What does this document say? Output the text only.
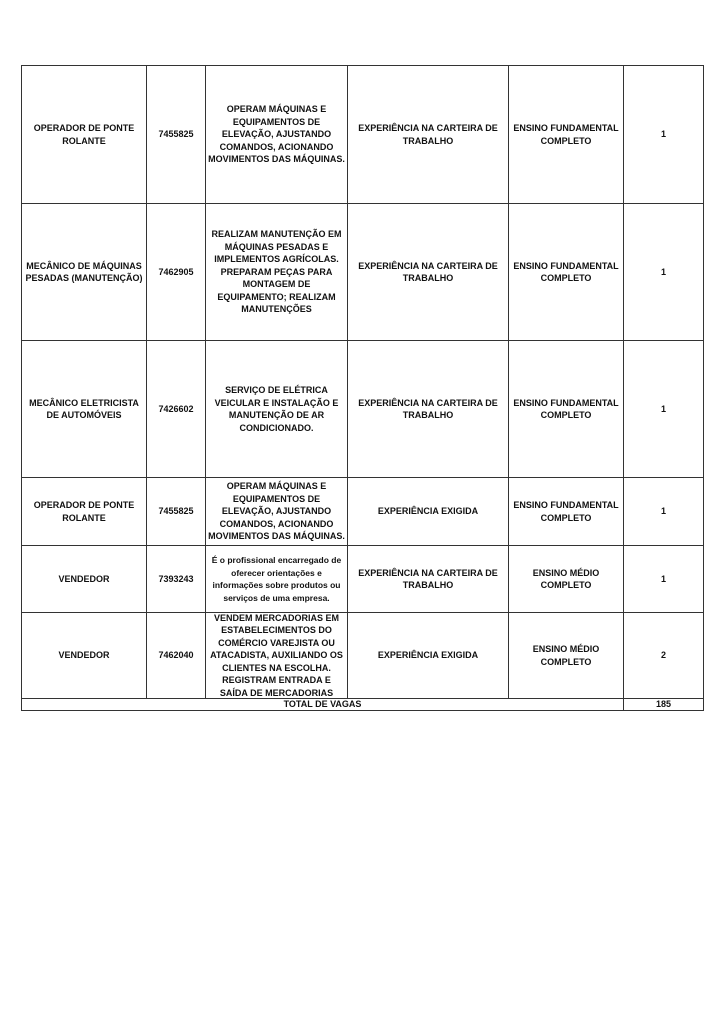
OPERADOR DE PONTE ROLANTE	7455825	OPERAM MÁQUINAS E EQUIPAMENTOS DE ELEVAÇÃO, AJUSTANDO COMANDOS, ACIONANDO MOVIMENTOS DAS MÁQUINAS.	EXPERIÊNCIA NA CARTEIRA DE TRABALHO	ENSINO FUNDAMENTAL COMPLETO	1
MECÂNICO DE MÁQUINAS PESADAS (MANUTENÇÃO)	7462905	REALIZAM MANUTENÇÃO EM MÁQUINAS PESADAS E IMPLEMENTOS AGRÍCOLAS. PREPARAM PEÇAS PARA MONTAGEM DE EQUIPAMENTO; REALIZAM MANUTENÇÕES	EXPERIÊNCIA NA CARTEIRA DE TRABALHO	ENSINO FUNDAMENTAL COMPLETO	1
MECÂNICO ELETRICISTA DE AUTOMÓVEIS	7426602	SERVIÇO DE ELÉTRICA VEICULAR E INSTALAÇÃO E MANUTENÇÃO DE AR CONDICIONADO.	EXPERIÊNCIA NA CARTEIRA DE TRABALHO	ENSINO FUNDAMENTAL COMPLETO	1
OPERADOR DE PONTE ROLANTE	7455825	OPERAM MÁQUINAS E EQUIPAMENTOS DE ELEVAÇÃO, AJUSTANDO COMANDOS, ACIONANDO MOVIMENTOS DAS MÁQUINAS.	EXPERIÊNCIA EXIGIDA	ENSINO FUNDAMENTAL COMPLETO	1
VENDEDOR	7393243	É o profissional encarregado de oferecer orientações e informações sobre produtos ou serviços de uma empresa.	EXPERIÊNCIA NA CARTEIRA DE TRABALHO	ENSINO MÉDIO COMPLETO	1
VENDEDOR	7462040	VENDEM MERCADORIAS EM ESTABELECIMENTOS DO COMÉRCIO VAREJISTA OU ATACADISTA, AUXILIANDO OS CLIENTES NA ESCOLHA. REGISTRAM ENTRADA E SAÍDA DE MERCADORIAS	EXPERIÊNCIA EXIGIDA	ENSINO MÉDIO COMPLETO	2
TOTAL DE VAGAS					185
